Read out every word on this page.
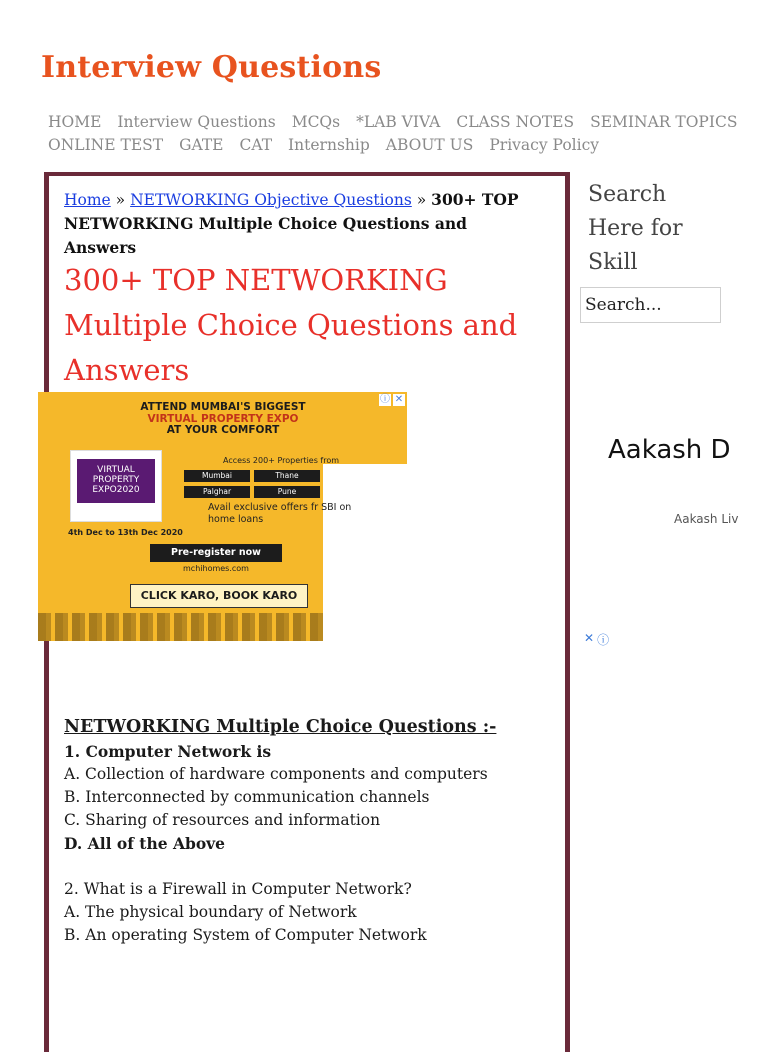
Interview Questions
HOME Interview Questions MCQs *LAB VIVA CLASS NOTES SEMINAR TOPICS
ONLINE TEST GATE CAT Internship ABOUT US Privacy Policy
Home » NETWORKING Objective Questions » 300+ TOP NETWORKING Multiple Choice Questions and Answers
300+ TOP NETWORKING Multiple Choice Questions and Answers
ATTEND MUMBAI'S BIGGEST
VIRTUAL PROPERTY EXPO
AT YOUR COMFORT
VIRTUAL PROPERTY EXPO2020
4th Dec to 13th Dec 2020
Access 200+ Properties from
Mumbai	Thane
Palghar	Pune
Avail exclusive offers fr SBI on home loans
Pre-register now
mchihomes.com
CLICK KARO, BOOK KARO
ⓘ ✕

NETWORKING Multiple Choice Questions :-

1. Computer Network is

A. Collection of hardware components and computers

B. Interconnected by communication channels

C. Sharing of resources and information

D. All of the Above

2. What is a Firewall in Computer Network?

A. The physical boundary of Network

B. An operating System of Computer Network

Search Here for Skill
Search...
Aakash D
Aakash Liv
✕ ⓘ
